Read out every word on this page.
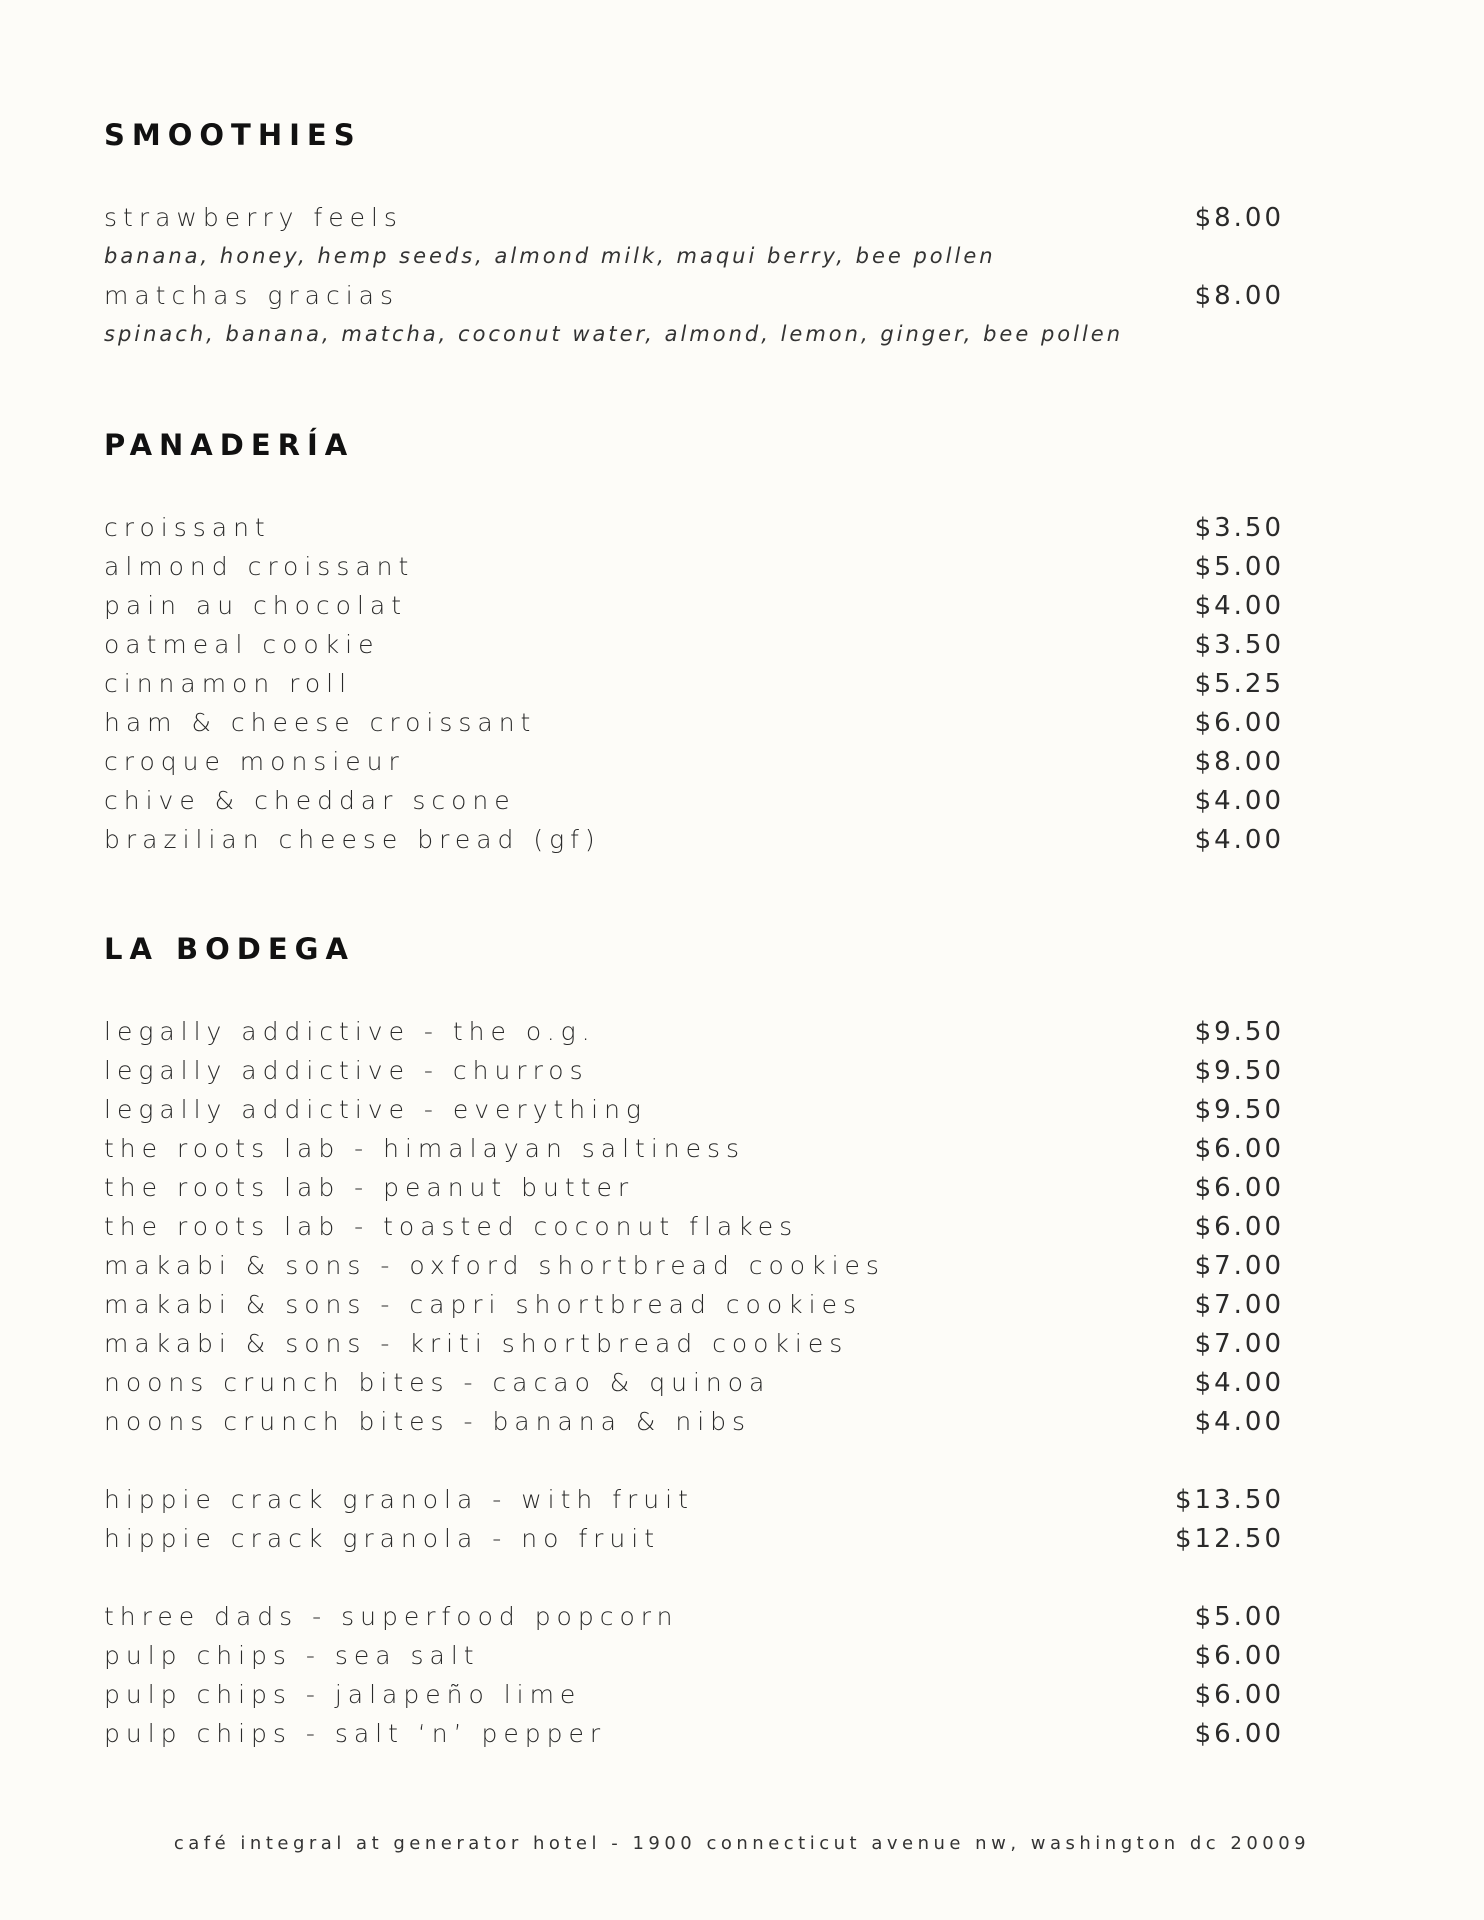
SMOOTHIES
strawberry feels	$8.00
banana, honey, hemp seeds, almond milk, maqui berry, bee pollen
matchas gracias	$8.00
spinach, banana, matcha, coconut water, almond, lemon, ginger, bee pollen
PANADERÍA
croissant	$3.50
almond croissant	$5.00
pain au chocolat	$4.00
oatmeal cookie	$3.50
cinnamon roll	$5.25
ham & cheese croissant	$6.00
croque monsieur	$8.00
chive & cheddar scone	$4.00
brazilian cheese bread (gf)	$4.00
LA BODEGA
legally addictive - the o.g.	$9.50
legally addictive - churros	$9.50
legally addictive - everything	$9.50
the roots lab - himalayan saltiness	$6.00
the roots lab - peanut butter	$6.00
the roots lab - toasted coconut flakes	$6.00
makabi & sons - oxford shortbread cookies	$7.00
makabi & sons - capri shortbread cookies	$7.00
makabi & sons - kriti shortbread cookies	$7.00
noons crunch bites - cacao & quinoa	$4.00
noons crunch bites - banana & nibs	$4.00
hippie crack granola - with fruit	$13.50
hippie crack granola - no fruit	$12.50
three dads - superfood popcorn	$5.00
pulp chips - sea salt	$6.00
pulp chips - jalapeño lime	$6.00
pulp chips - salt ‘n’ pepper	$6.00
café integral at generator hotel - 1900 connecticut avenue nw, washington dc 20009
